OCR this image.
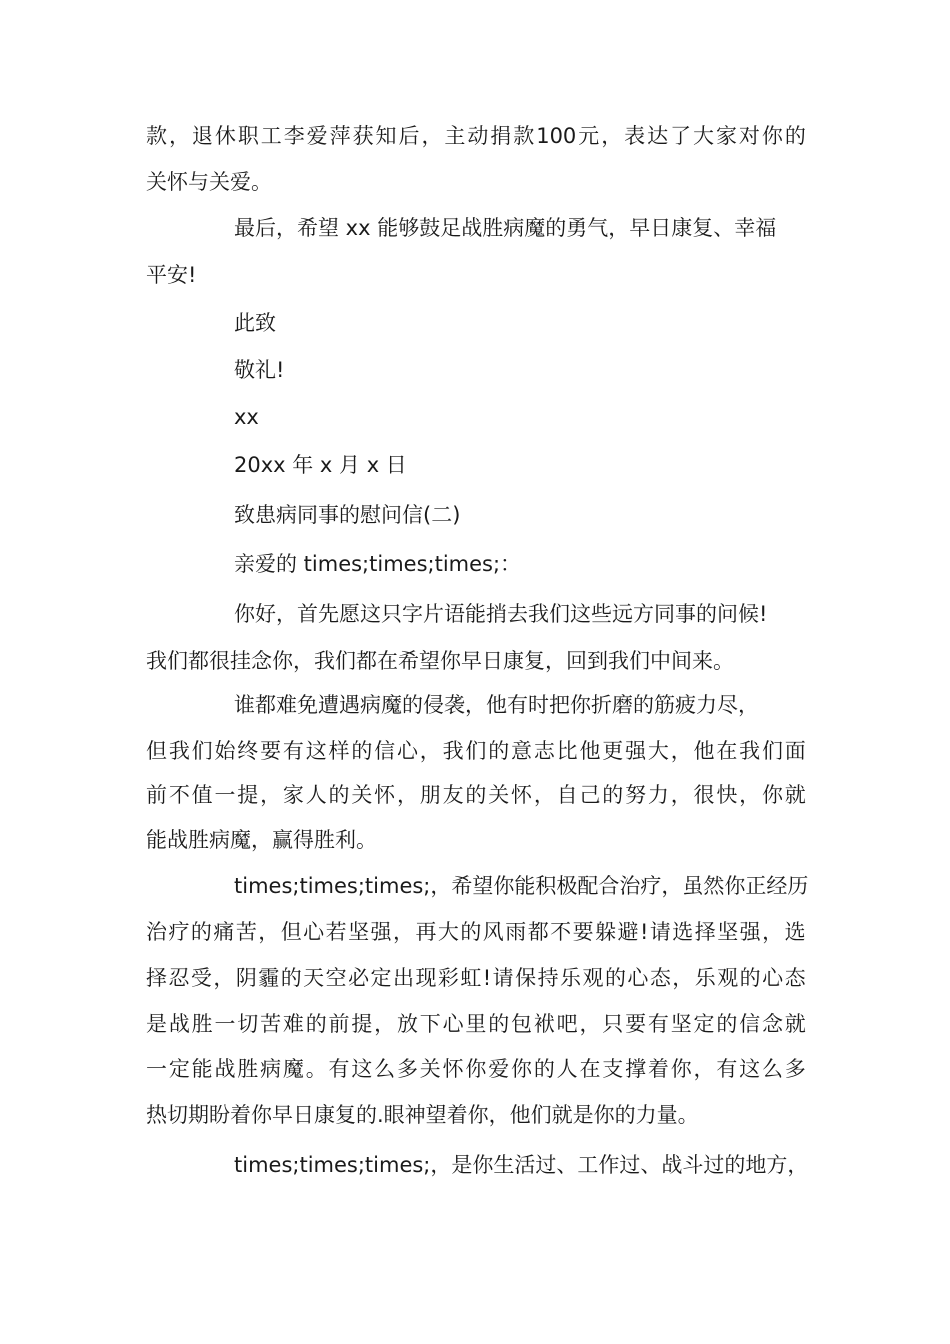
款 ， 退 休 职 工 李 爱 萍 获 知 后 ， 主 动 捐 款 100 元 ， 表 达 了 大 家 对 你 的
关怀与关爱。
最后，希望 xx 能够鼓足战胜病魔的勇气，早日康复、幸福
平安!
此致
敬礼!
xx
20xx 年 x 月 x 日
致患病同事的慰问信(二)
亲爱的 times;times;times;：
你好，首先愿这只字片语能捎去我们这些远方同事的问候!
我们都很挂念你，我们都在希望你早日康复，回到我们中间来。
谁都难免遭遇病魔的侵袭，他有时把你折磨的筋疲力尽，
但 我 们 始 终 要 有 这 样 的 信 心 ， 我 们 的 意 志 比 他 更 强 大 ， 他 在 我 们 面
前 不 值 一 提 ， 家 人 的 关 怀 ， 朋 友 的 关 怀 ， 自 己 的 努 力 ， 很 快 ， 你 就
能战胜病魔，赢得胜利。
times;times;times;，希望你能积极配合治疗，虽然你正经历
治 疗 的 痛 苦 ， 但 心 若 坚 强 ， 再 大 的 风 雨 都 不 要 躲 避 ! 请 选 择 坚 强 ， 选
择 忍 受 ， 阴 霾 的 天 空 必 定 出 现 彩 虹 ! 请 保 持 乐 观 的 心 态 ， 乐 观 的 心 态
是 战 胜 一 切 苦 难 的 前 提 ， 放 下 心 里 的 包 袱 吧 ， 只 要 有 坚 定 的 信 念 就
一 定 能 战 胜 病 魔 。 有 这 么 多 关 怀 你 爱 你 的 人 在 支 撑 着 你 ， 有 这 么 多
热切期盼着你早日康复的.眼神望着你，他们就是你的力量。
times;times;times;，是你生活过、工作过、战斗过的地方，
